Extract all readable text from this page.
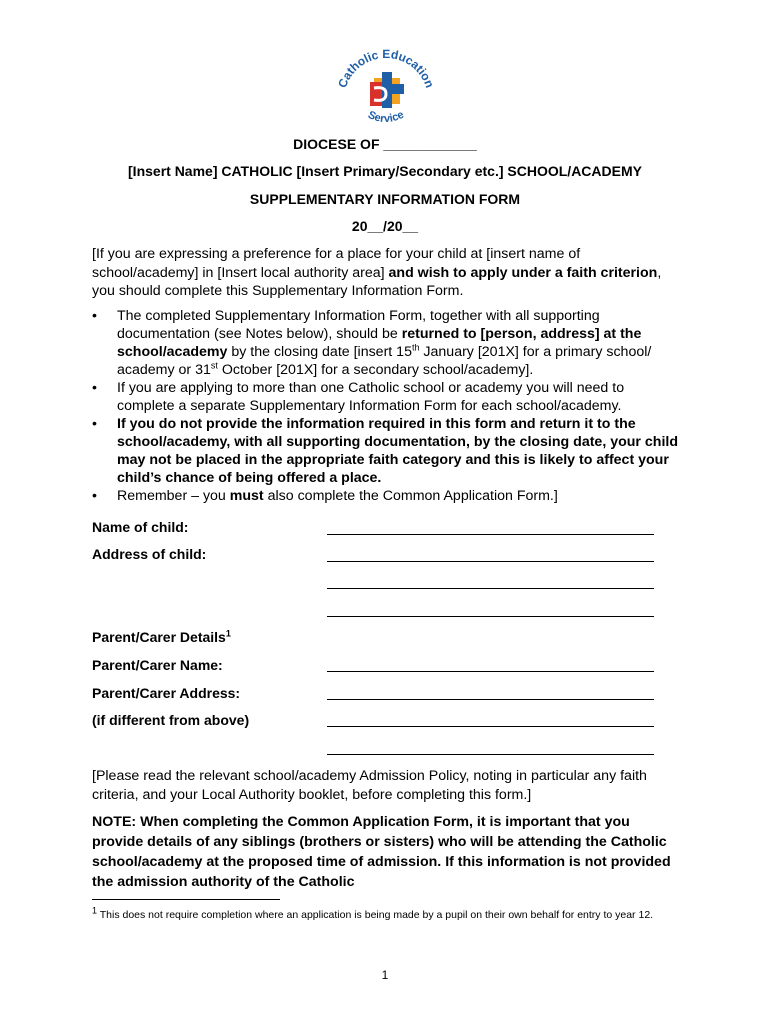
Catholic Education
Service
DIOCESE OF ____________
[Insert Name] CATHOLIC [Insert Primary/Secondary etc.] SCHOOL/ACADEMY
SUPPLEMENTARY INFORMATION FORM
20__/20__
[If you are expressing a preference for a place for your child at [insert name of school/academy] in [Insert local authority area] and wish to apply under a faith criterion, you should complete this Supplementary Information Form.
• The completed Supplementary Information Form, together with all supporting documentation (see Notes below), should be returned to [person, address] at the school/academy by the closing date [insert 15th January [201X] for a primary school/ academy or 31st October [201X] for a secondary school/academy].
• If you are applying to more than one Catholic school or academy you will need to complete a separate Supplementary Information Form for each school/academy.
• If you do not provide the information required in this form and return it to the school/academy, with all supporting documentation, by the closing date, your child may not be placed in the appropriate faith category and this is likely to affect your child’s chance of being offered a place.
• Remember – you must also complete the Common Application Form.]
Name of child:
Address of child:
Parent/Carer Details$^1$
Parent/Carer Name:
Parent/Carer Address:
(if different from above)
[Please read the relevant school/academy Admission Policy, noting in particular any faith criteria, and your Local Authority booklet, before completing this form.]
NOTE: When completing the Common Application Form, it is important that you provide details of any siblings (brothers or sisters) who will be attending the Catholic school/academy at the proposed time of admission. If this information is not provided the admission authority of the Catholic
$^1$ This does not require completion where an application is being made by a pupil on their own behalf for entry to year 12.
1
